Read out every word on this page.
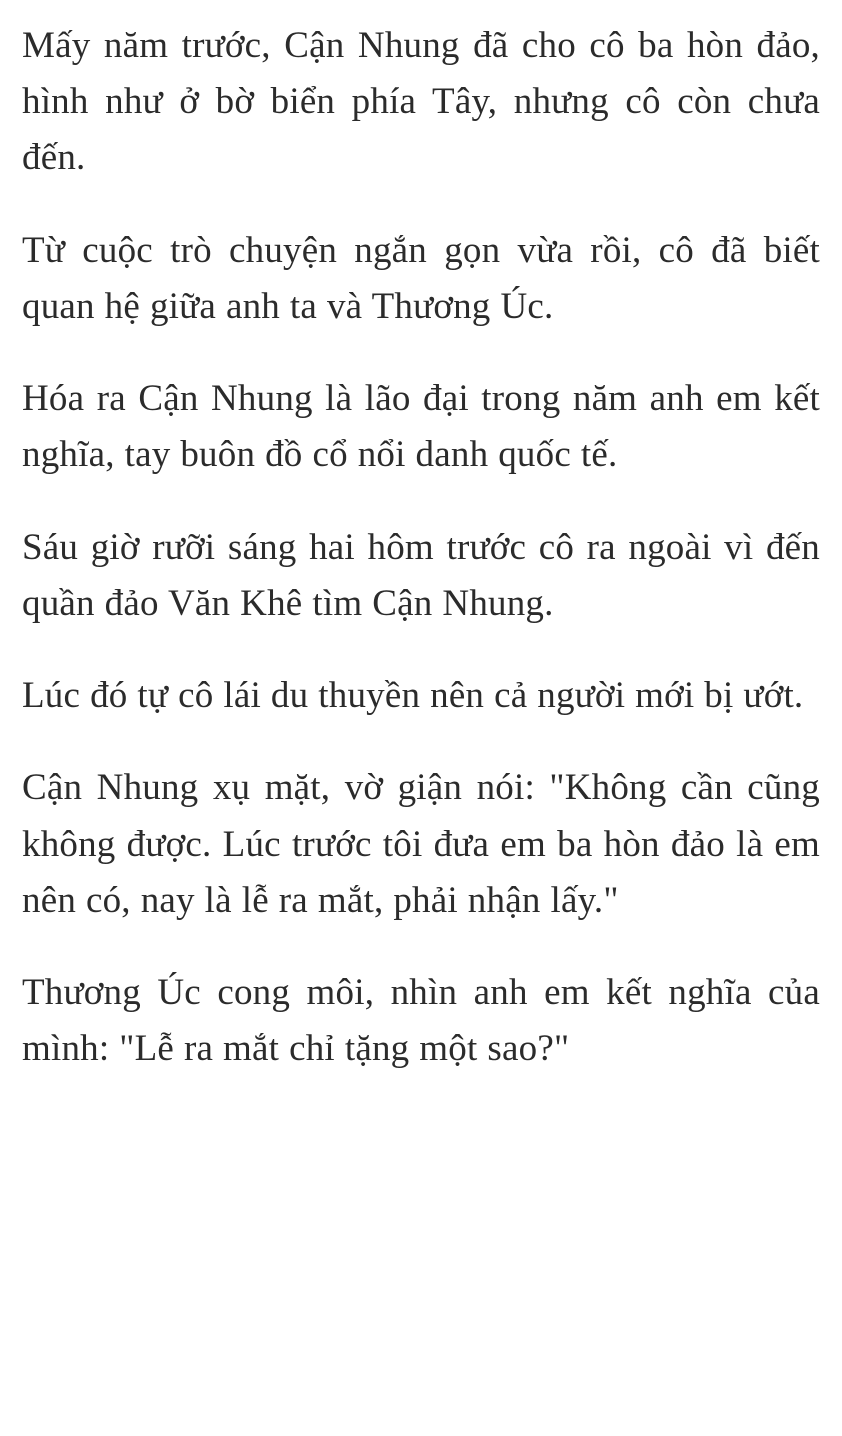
Mấy năm trước, Cận Nhung đã cho cô ba hòn đảo, hình như ở bờ biển phía Tây, nhưng cô còn chưa đến.

Từ cuộc trò chuyện ngắn gọn vừa rồi, cô đã biết quan hệ giữa anh ta và Thương Úc.

Hóa ra Cận Nhung là lão đại trong năm anh em kết nghĩa, tay buôn đồ cổ nổi danh quốc tế.

Sáu giờ rưỡi sáng hai hôm trước cô ra ngoài vì đến quần đảo Văn Khê tìm Cận Nhung.

Lúc đó tự cô lái du thuyền nên cả người mới bị ướt.

Cận Nhung xụ mặt, vờ giận nói: "Không cần cũng không được. Lúc trước tôi đưa em ba hòn đảo là em nên có, nay là lễ ra mắt, phải nhận lấy."

Thương Úc cong môi, nhìn anh em kết nghĩa của mình: "Lễ ra mắt chỉ tặng một sao?"
